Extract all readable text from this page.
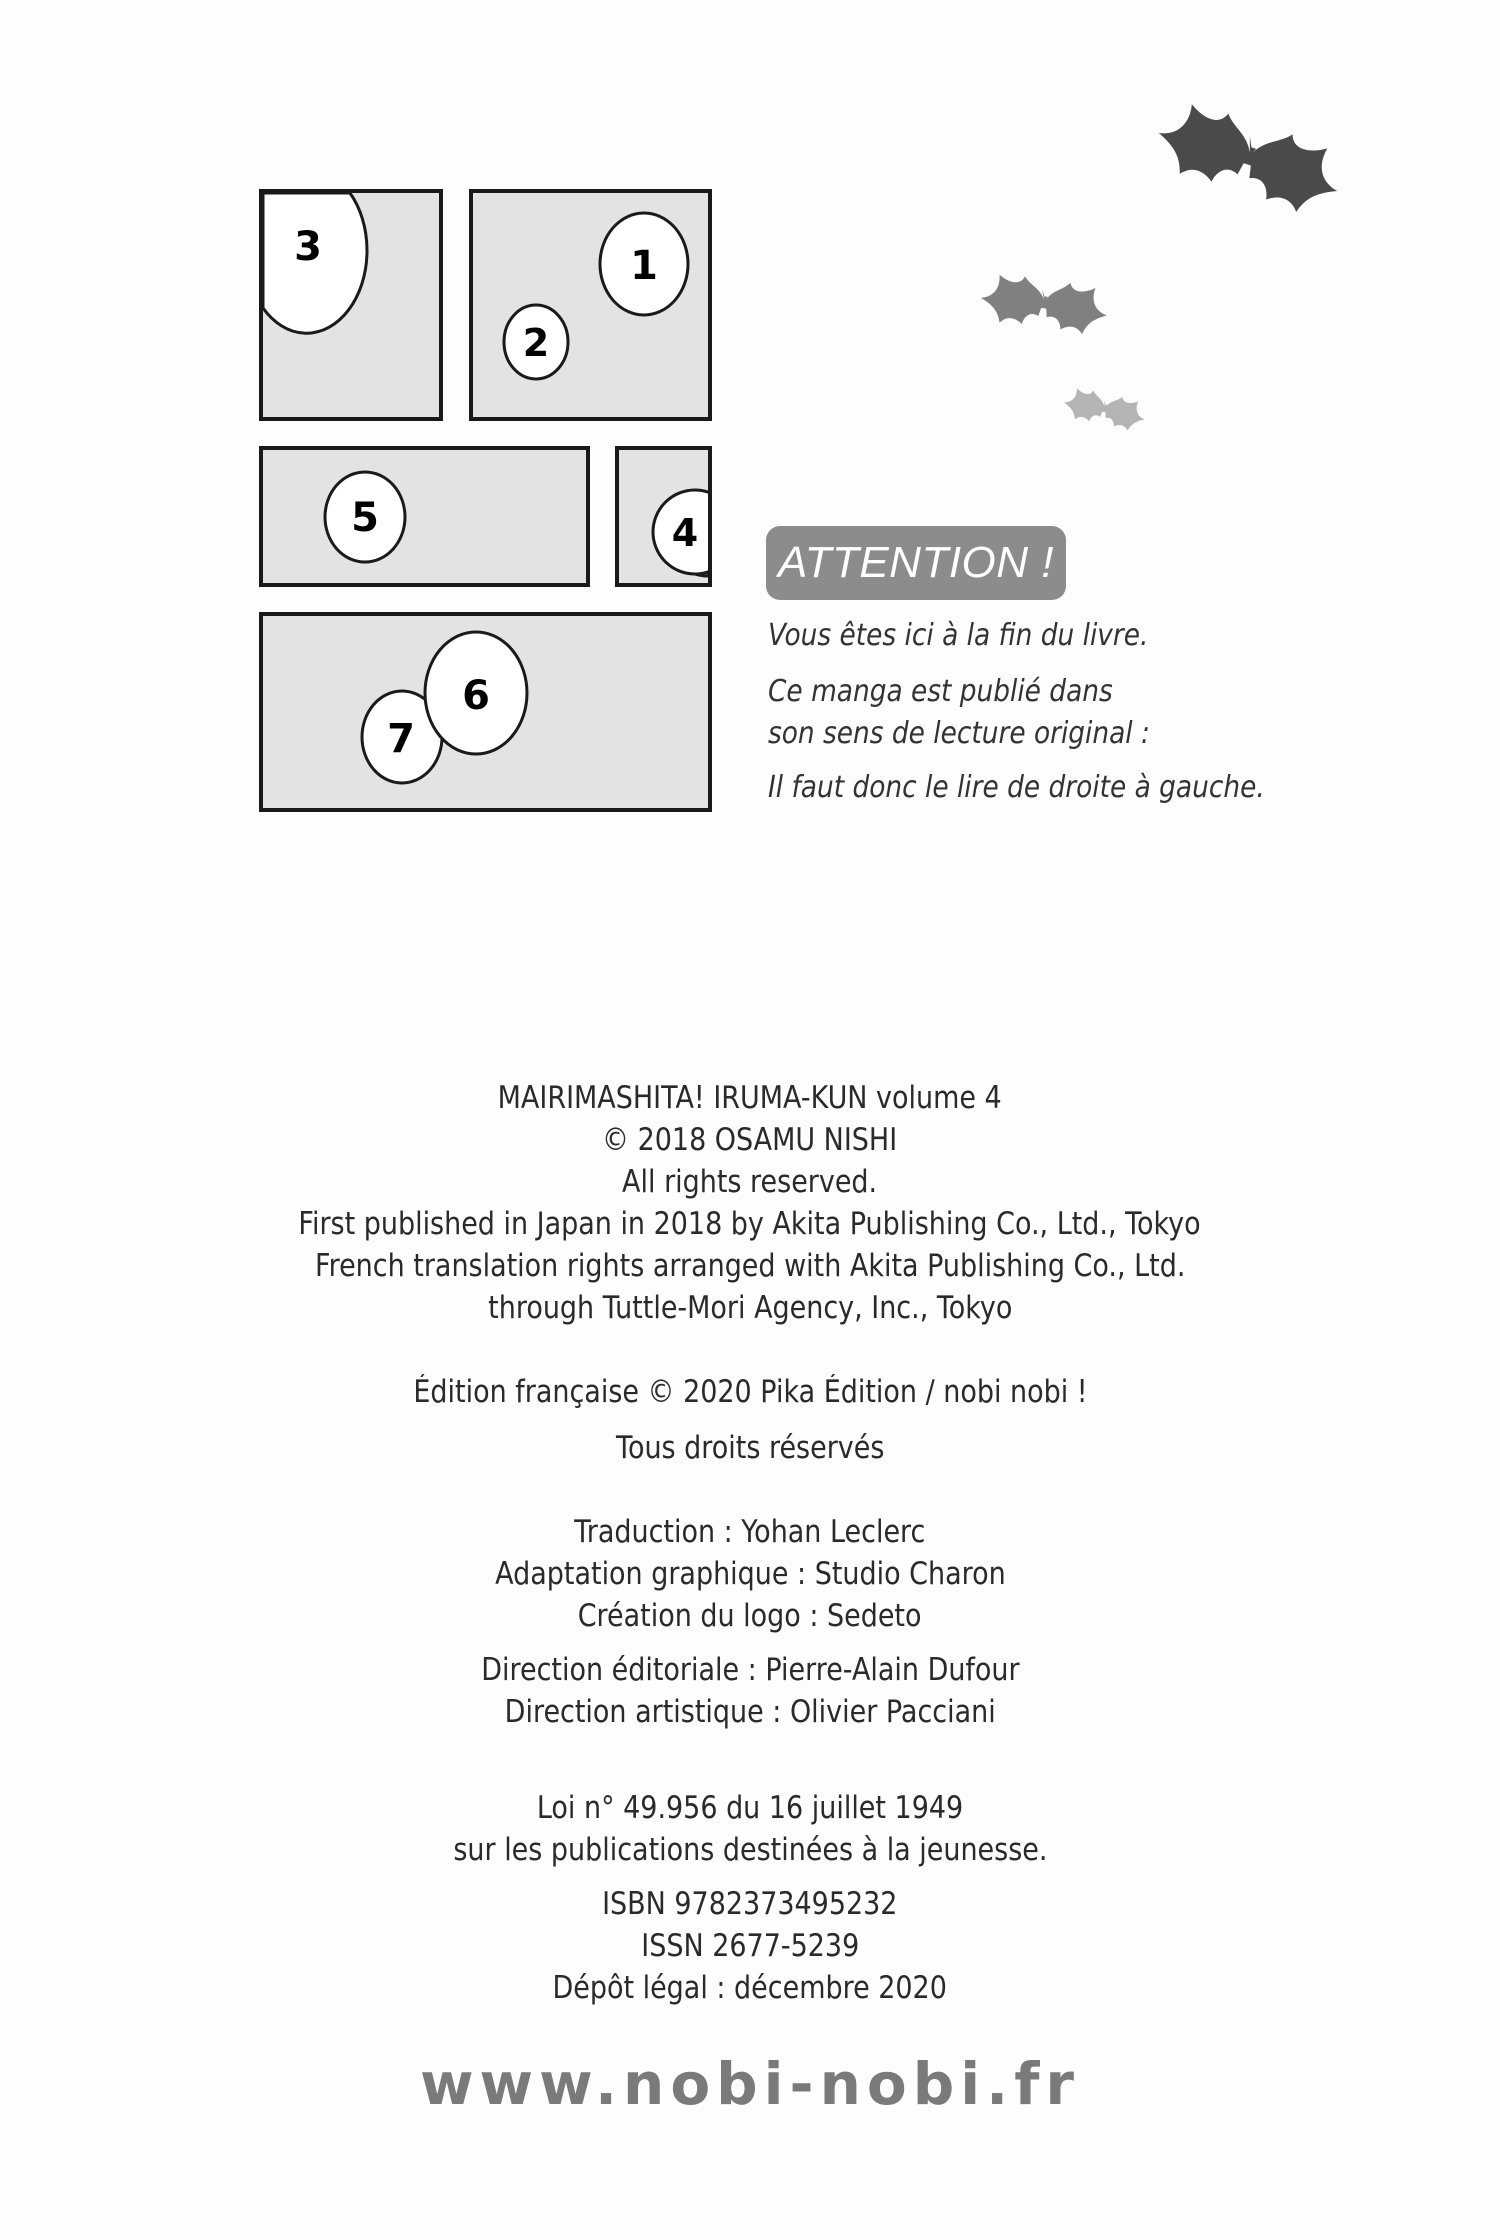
3	1
2
5	4
6
7
ATTENTION !
Vous êtes ici à la fin du livre.
Ce manga est publié dans
son sens de lecture original :
Il faut donc le lire de droite à gauche.
MAIRIMASHITA! IRUMA-KUN volume 4
© 2018 OSAMU NISHI
All rights reserved.
First published in Japan in 2018 by Akita Publishing Co., Ltd., Tokyo
French translation rights arranged with Akita Publishing Co., Ltd.
through Tuttle-Mori Agency, Inc., Tokyo
Édition française © 2020 Pika Édition / nobi nobi !
Tous droits réservés
Traduction : Yohan Leclerc
Adaptation graphique : Studio Charon
Création du logo : Sedeto
Direction éditoriale : Pierre-Alain Dufour
Direction artistique : Olivier Pacciani
Loi n° 49.956 du 16 juillet 1949
sur les publications destinées à la jeunesse.
ISBN 9782373495232
ISSN 2677-5239
Dépôt légal : décembre 2020
www.nobi-nobi.fr
